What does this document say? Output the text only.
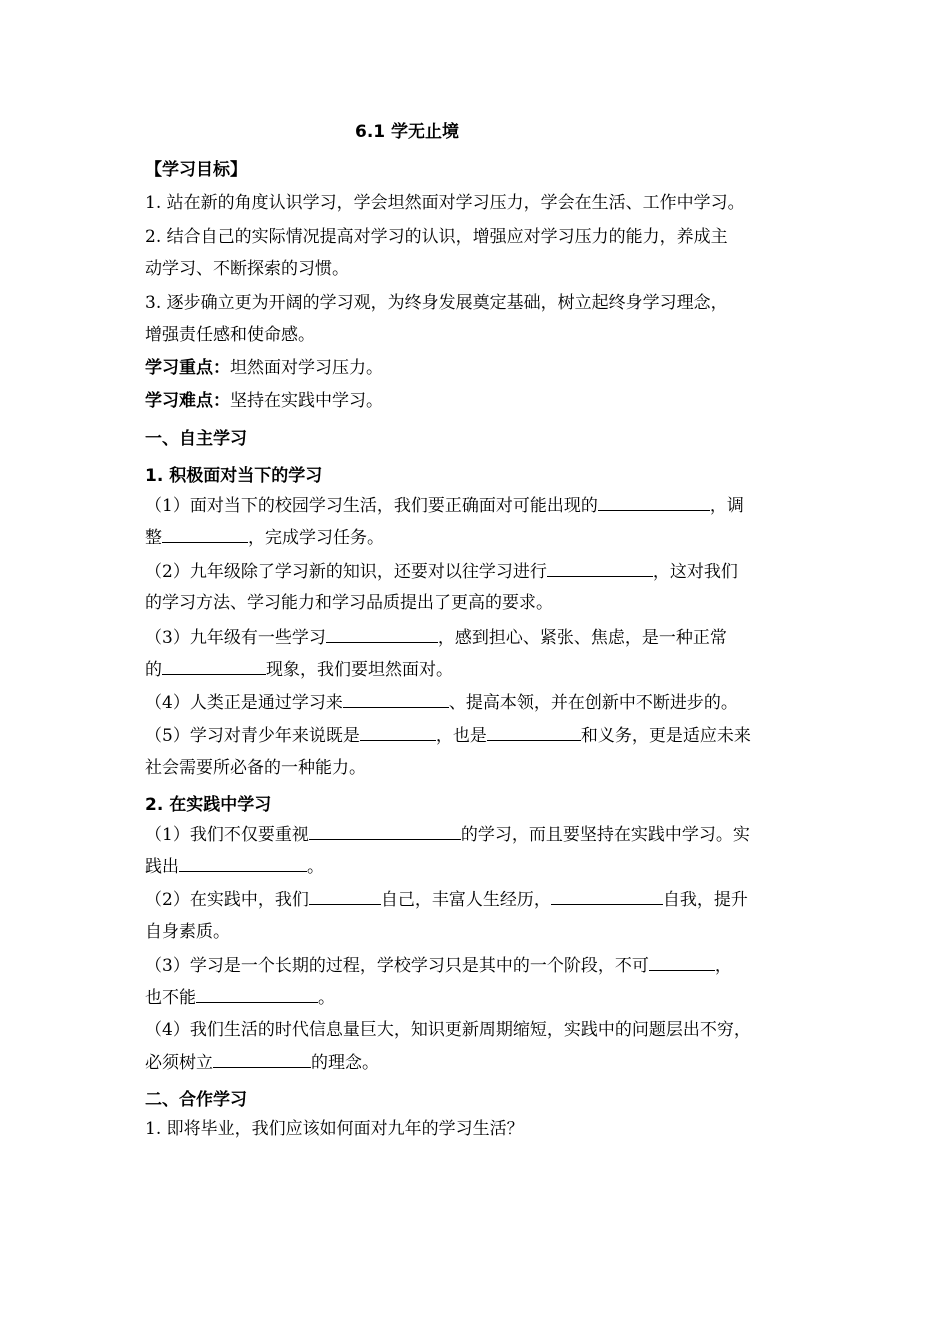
6.1 学无止境
【学习目标】
1. 站在新的角度认识学习，学会坦然面对学习压力，学会在生活、工作中学习。
2. 结合自己的实际情况提高对学习的认识，增强应对学习压力的能力，养成主
动学习、不断探索的习惯。
3. 逐步确立更为开阔的学习观，为终身发展奠定基础，树立起终身学习理念，
增强责任感和使命感。
学习重点：坦然面对学习压力。
学习难点：坚持在实践中学习。
一、自主学习
1. 积极面对当下的学习
（1）面对当下的校园学习生活，我们要正确面对可能出现的	，调
整	，完成学习任务。
（2）九年级除了学习新的知识，还要对以往学习进行	，这对我们
的学习方法、学习能力和学习品质提出了更高的要求。
（3）九年级有一些学习	，感到担心、紧张、焦虑，是一种正常
的	现象，我们要坦然面对。
（4）人类正是通过学习来	、提高本领，并在创新中不断进步的。
（5）学习对青少年来说既是	，也是	和义务，更是适应未来
社会需要所必备的一种能力。
2. 在实践中学习
（1）我们不仅要重视	的学习，而且要坚持在实践中学习。实
践出	。
（2）在实践中，我们	自己，丰富人生经历，	自我，提升
自身素质。
（3）学习是一个长期的过程，学校学习只是其中的一个阶段，不可	，
也不能	。
（4）我们生活的时代信息量巨大，知识更新周期缩短，实践中的问题层出不穷，
必须树立	的理念。
二、合作学习
1. 即将毕业，我们应该如何面对九年的学习生活？
